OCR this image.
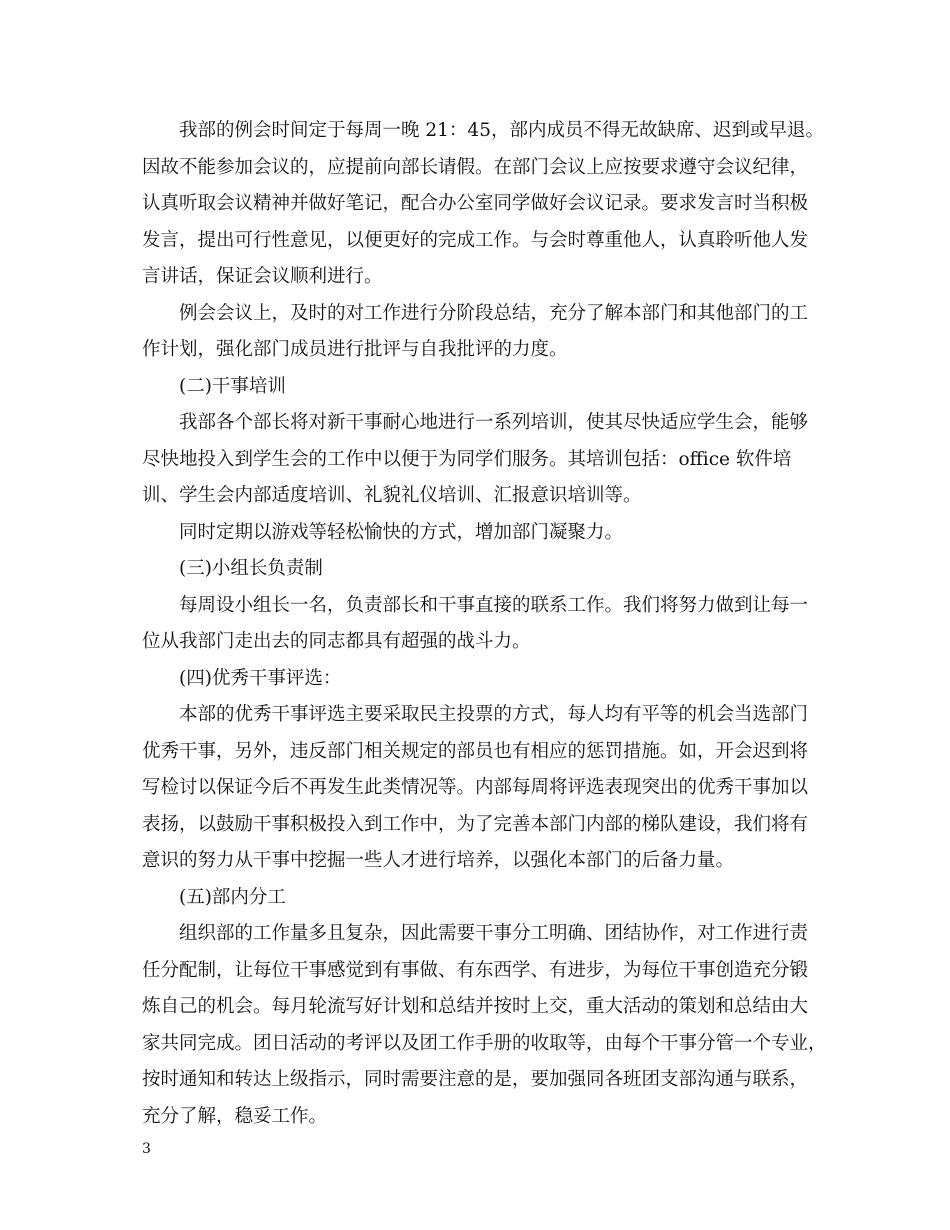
我部的例会时间定于每周一晚 21：45，部内成员不得无故缺席、迟到或早退。
因故不能参加会议的，应提前向部长请假。在部门会议上应按要求遵守会议纪律，
认真听取会议精神并做好笔记，配合办公室同学做好会议记录。要求发言时当积极
发言，提出可行性意见，以便更好的完成工作。与会时尊重他人，认真聆听他人发
言讲话，保证会议顺利进行。
例会会议上，及时的对工作进行分阶段总结，充分了解本部门和其他部门的工
作计划，强化部门成员进行批评与自我批评的力度。
(二)干事培训
我部各个部长将对新干事耐心地进行一系列培训，使其尽快适应学生会，能够
尽快地投入到学生会的工作中以便于为同学们服务。其培训包括：office 软件培
训、学生会内部适度培训、礼貌礼仪培训、汇报意识培训等。
同时定期以游戏等轻松愉快的方式，增加部门凝聚力。
(三)小组长负责制
每周设小组长一名，负责部长和干事直接的联系工作。我们将努力做到让每一
位从我部门走出去的同志都具有超强的战斗力。
(四)优秀干事评选：
本部的优秀干事评选主要采取民主投票的方式，每人均有平等的机会当选部门
优秀干事，另外，违反部门相关规定的部员也有相应的惩罚措施。如，开会迟到将
写检讨以保证今后不再发生此类情况等。内部每周将评选表现突出的优秀干事加以
表扬，以鼓励干事积极投入到工作中，为了完善本部门内部的梯队建设，我们将有
意识的努力从干事中挖掘一些人才进行培养，以强化本部门的后备力量。
(五)部内分工
组织部的工作量多且复杂，因此需要干事分工明确、团结协作，对工作进行责
任分配制，让每位干事感觉到有事做、有东西学、有进步，为每位干事创造充分锻
炼自己的机会。每月轮流写好计划和总结并按时上交，重大活动的策划和总结由大
家共同完成。团日活动的考评以及团工作手册的收取等，由每个干事分管一个专业，
按时通知和转达上级指示，同时需要注意的是，要加强同各班团支部沟通与联系，
充分了解，稳妥工作。
3
